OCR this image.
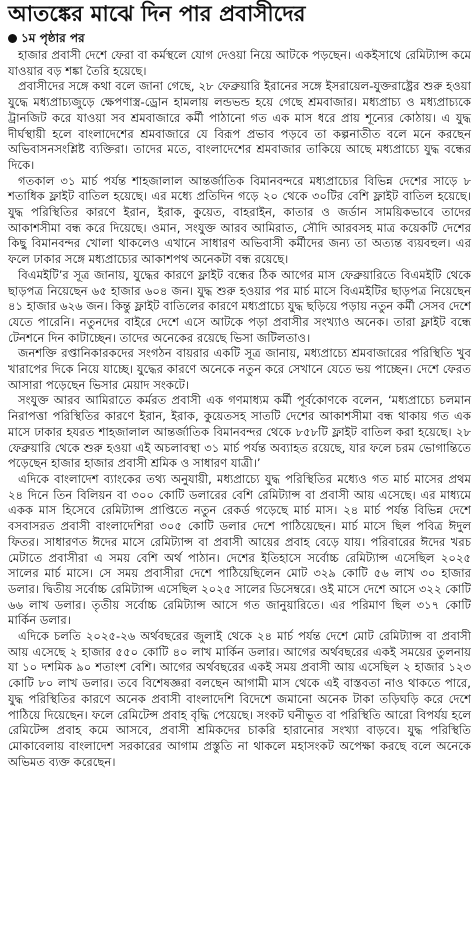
আতঙ্কের মাঝে দিন পার প্রবাসীদের
১ম পৃষ্ঠার পর

হাজার প্রবাসী দেশে ফেরা বা কর্মস্থলে যোগ দেওয়া নিয়ে আটকে পড়ছেন। একইসাথে রেমিট্যান্স কমে যাওয়ার বড় শঙ্কা তৈরি হয়েছে।

প্রবাসীদের সঙ্গে কথা বলে জানা গেছে, ২৮ ফেব্রুয়ারি ইরানের সঙ্গে ইসরায়েল-যুক্তরাষ্ট্রের শুরু হওয়া যুদ্ধে মধ্যপ্রাচ্যজুড়ে ক্ষেপণাস্ত্র-ড্রোন হামলায় লন্ডভন্ড হয়ে গেছে শ্রমবাজার। মধ্যপ্রাচ্য ও মধ্যপ্রাচ্যকে ট্রানজিট করে যাওয়া সব শ্রমবাজারে কর্মী পাঠানো গত এক মাস ধরে প্রায় শূন্যের কোঠায়। এ যুদ্ধ দীর্ঘস্থায়ী হলে বাংলাদেশের শ্রমবাজারে যে বিরূপ প্রভাব পড়বে তা কল্পনাতীত বলে মনে করছেন অভিবাসনসংশ্লিষ্ট ব্যক্তিরা। তাদের মতে, বাংলাদেশের শ্রমবাজার তাকিয়ে আছে মধ্যপ্রাচ্যে যুদ্ধ বন্ধের দিকে।

গতকাল ৩১ মার্চ পর্যন্ত শাহজালাল আন্তর্জাতিক বিমানবন্দরে মধ্যপ্রাচ্যের বিভিন্ন দেশের সাড়ে ৮ শতাধিক ফ্লাইট বাতিল হয়েছে। এর মধ্যে প্রতিদিন গড়ে ২০ থেকে ৩০টির বেশি ফ্লাইট বাতিল হয়েছে। যুদ্ধ পরিস্থিতির কারণে ইরান, ইরাক, কুয়েত, বাহরাইন, কাতার ও জর্ডান সাময়িকভাবে তাদের আকাশসীমা বন্ধ করে দিয়েছে। ওমান, সংযুক্ত আরব আমিরাত, সৌদি আরবসহ মাত্র কয়েকটি দেশের কিছু বিমানবন্দর খোলা থাকলেও এখানে সাধারণ অভিবাসী কর্মীদের জন্য তা অত্যন্ত ব্যয়বহুল। এর ফলে ঢাকার সঙ্গে মধ্যপ্রাচ্যের আকাশপথ অনেকটা বন্ধ রয়েছে।

বিএমইটি’র সূত্র জানায়, যুদ্ধের কারণে ফ্লাইট বন্ধের ঠিক আগের মাস ফেব্রুয়ারিতে বিএমইটি থেকে ছাড়পত্র নিয়েছেন ৬৫ হাজার ৬০৪ জন। যুদ্ধ শুরু হওয়ার পর মার্চ মাসে বিএমইটির ছাড়পত্র নিয়েছেন ৪১ হাজার ৬২৬ জন। কিন্তু ফ্লাইট বাতিলের কারণে মধ্যপ্রাচ্যে যুদ্ধ ছড়িয়ে পড়ায় নতুন কর্মী সেসব দেশে যেতে পারেনি। নতুনদের বাইরে দেশে এসে আটকে পড়া প্রবাসীর সংখ্যাও অনেক। তারা ফ্লাইট বন্ধে টেনশনে দিন কাটাচ্ছেন। তাদের অনেকের রয়েছে ভিসা জটিলতাও।

জনশক্তি রপ্তানিকারকদের সংগঠন বায়রার একটি সূত্র জানায়, মধ্যপ্রাচ্যে শ্রমবাজারের পরিস্থিতি খুব খারাপের দিকে নিয়ে যাচ্ছে। যুদ্ধের কারণে অনেকে নতুন করে সেখানে যেতে ভয় পাচ্ছেন। দেশে ফেরত আসারা পড়েছেন ভিসার মেয়াদ সংকটে।

সংযুক্ত আরব আমিরাতে কর্মরত প্রবাসী এক গণমাধ্যম কর্মী পূর্বকোণকে বলেন, ‘মধ্যপ্রাচ্যে চলমান নিরাপত্তা পরিস্থিতির কারণে ইরান, ইরাক, কুয়েতসহ সাতটি দেশের আকাশসীমা বন্ধ থাকায় গত এক মাসে ঢাকার হযরত শাহজালাল আন্তর্জাতিক বিমানবন্দর থেকে ৮৫৮টি ফ্লাইট বাতিল করা হয়েছে। ২৮ ফেব্রুয়ারি থেকে শুরু হওয়া এই অচলাবস্থা ৩১ মার্চ পর্যন্ত অব্যাহত রয়েছে, যার ফলে চরম ভোগান্তিতে পড়েছেন হাজার হাজার প্রবাসী শ্রমিক ও সাধারণ যাত্রী।’

এদিকে বাংলাদেশ ব্যাংকের তথ্য অনুযায়ী, মধ্যপ্রাচ্যে যুদ্ধ পরিস্থিতির মধ্যেও গত মার্চ মাসের প্রথম ২৪ দিনে তিন বিলিয়ন বা ৩০০ কোটি ডলারের বেশি রেমিট্যান্স বা প্রবাসী আয় এসেছে। এর মাধ্যমে একক মাস হিসেবে রেমিট্যান্স প্রাপ্তিতে নতুন রেকর্ড গড়েছে মার্চ মাস। ২৪ মার্চ পর্যন্ত বিভিন্ন দেশে বসবাসরত প্রবাসী বাংলাদেশিরা ৩০৫ কোটি ডলার দেশে পাঠিয়েছেন। মার্চ মাসে ছিল পবিত্র ঈদুল ফিতর। সাধারণত ঈদের মাসে রেমিট্যান্স বা প্রবাসী আয়ের প্রবাহ বেড়ে যায়। পরিবারের ঈদের খরচ মেটাতে প্রবাসীরা এ সময় বেশি অর্থ পাঠান। দেশের ইতিহাসে সর্বোচ্চ রেমিট্যান্স এসেছিল ২০২৫ সালের মার্চ মাসে। সে সময় প্রবাসীরা দেশে পাঠিয়েছিলেন মোট ৩২৯ কোটি ৫৬ লাখ ৩০ হাজার ডলার। দ্বিতীয় সর্বোচ্চ রেমিট্যান্স এসেছিল ২০২৫ সালের ডিসেম্বরে। ওই মাসে দেশে আসে ৩২২ কোটি ৬৬ লাখ ডলার। তৃতীয় সর্বোচ্চ রেমিট্যান্স আসে গত জানুয়ারিতে। এর পরিমাণ ছিল ৩১৭ কোটি মার্কিন ডলার।

এদিকে চলতি ২০২৫-২৬ অর্থবছরের জুলাই থেকে ২৪ মার্চ পর্যন্ত দেশে মোট রেমিট্যান্স বা প্রবাসী আয় এসেছে ২ হাজার ৫৫০ কোটি ৪০ লাখ মার্কিন ডলার। আগের অর্থবছরের একই সময়ের তুলনায় যা ১০ দশমিক ৯০ শতাংশ বেশি। আগের অর্থবছরের একই সময় প্রবাসী আয় এসেছিল ২ হাজার ১২৩ কোটি ৮০ লাখ ডলার। তবে বিশেষজ্ঞরা বলছেন আগামী মাস থেকে এই বাস্তবতা নাও থাকতে পারে, যুদ্ধ পরিস্থিতির কারণে অনেক প্রবাসী বাংলাদেশি বিদেশে জমানো অনেক টাকা তড়িঘড়ি করে দেশে পাঠিয়ে দিয়েছেন। ফলে রেমিটেন্স প্রবাহ বৃদ্ধি পেয়েছে। সংকট ঘনীভূত বা পরিস্থিতি আরো বিপর্যয় হলে রেমিটেন্স প্রবাহ কমে আসবে, প্রবাসী শ্রমিকদের চাকরি হারানোর সংখ্যা বাড়বে। যুদ্ধ পরিস্থিতি মোকাবেলায় বাংলাদেশ সরকারের আগাম প্রস্তুতি না থাকলে মহাসংকট অপেক্ষা করছে বলে অনেকে অভিমত ব্যক্ত করেছেন।
